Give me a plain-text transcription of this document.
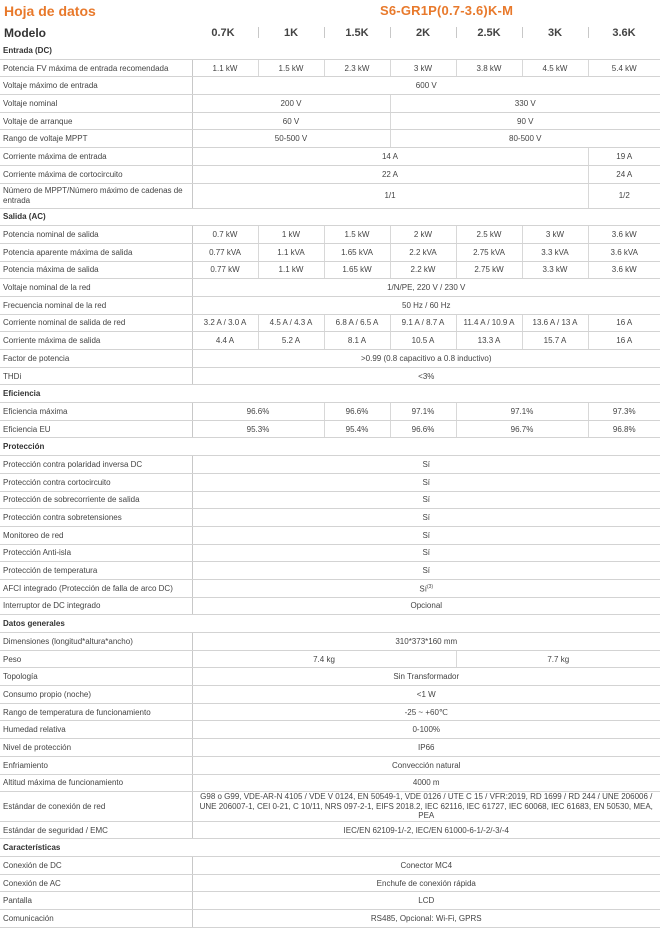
Hoja de datos	S6-GR1P(0.7-3.6)K-M
Modelo	0.7K	1K	1.5K	2K	2.5K	3K	3.6K
Entrada (DC)							
Potencia FV máxima de entrada recomendada	1.1 kW	1.5 kW	2.3 kW	3 kW	3.8 kW	4.5 kW	5.4 kW
Voltaje máximo de entrada	600 V						
Voltaje nominal	200 V			330 V			
Voltaje de arranque	60 V			90 V			
Rango de voltaje MPPT	50-500 V			80-500 V			
Corriente máxima de entrada	14 A						19 A
Corriente máxima de cortocircuito	22 A						24 A
Número de MPPT/Número máximo de cadenas de entrada	1/1						1/2
Salida (AC)							
Potencia nominal de salida	0.7 kW	1 kW	1.5 kW	2 kW	2.5 kW	3 kW	3.6 kW
Potencia aparente máxima de salida	0.77 kVA	1.1 kVA	1.65 kVA	2.2 kVA	2.75 kVA	3.3 kVA	3.6 kVA
Potencia máxima de salida	0.77 kW	1.1 kW	1.65 kW	2.2 kW	2.75 kW	3.3 kW	3.6 kW
Voltaje nominal de la red	1/N/PE, 220 V / 230 V						
Frecuencia nominal de la red	50 Hz / 60 Hz						
Corriente nominal de salida de red	3.2 A / 3.0 A	4.5 A / 4.3 A	6.8 A / 6.5 A	9.1 A / 8.7 A	11.4 A / 10.9 A	13.6 A / 13 A	16 A
Corriente máxima de salida	4.4 A	5.2 A	8.1 A	10.5 A	13.3 A	15.7 A	16 A
Factor de potencia	>0.99 (0.8 capacitivo a 0.8 inductivo)						
THDi	<3%						
Eficiencia							
Eficiencia máxima	96.6%		96.6%	97.1%	97.1%		97.3%
Eficiencia EU	95.3%		95.4%	96.6%	96.7%		96.8%
Protección							
Protección contra polaridad inversa DC	Sí						
Protección contra cortocircuito	Sí						
Protección de sobrecorriente de salida	Sí						
Protección contra sobretensiones	Sí						
Monitoreo de red	Sí						
Protección Anti-isla	Sí						
Protección de temperatura	Sí						
AFCI integrado (Protección de falla de arco DC)	$Sí^{(3)}$
Interruptor de DC integrado	Opcional						
Datos generales							
Dimensiones (longitud*altura*ancho)	310*373*160 mm						
Peso	7.4 kg				7.7 kg		
Topología	Sin Transformador						
Consumo propio (noche)	<1 W						
Rango de temperatura de funcionamiento	-25 ~ +60℃						
Humedad relativa	0-100%						
Nivel de protección	IP66						
Enfriamiento	Convección natural						
Altitud máxima de funcionamiento	4000 m						
Estándar de conexión de red	G98 o G99, VDE-AR-N 4105 / VDE V 0124, EN 50549-1, VDE 0126 / UTE C 15 / VFR:2019, RD 1699 / RD 244 / UNE 206006 / UNE 206007-1, CEI 0-21, C 10/11, NRS 097-2-1, EIFS 2018.2, IEC 62116, IEC 61727, IEC 60068, IEC 61683, EN 50530, MEA, PEA						
Estándar de seguridad / EMC	IEC/EN 62109-1/-2, IEC/EN 61000-6-1/-2/-3/-4						
Características							
Conexión de DC	Conector MC4						
Conexión de AC	Enchufe de conexión rápida						
Pantalla	LCD						
Comunicación	RS485, Opcional: Wi-Fi, GPRS						
